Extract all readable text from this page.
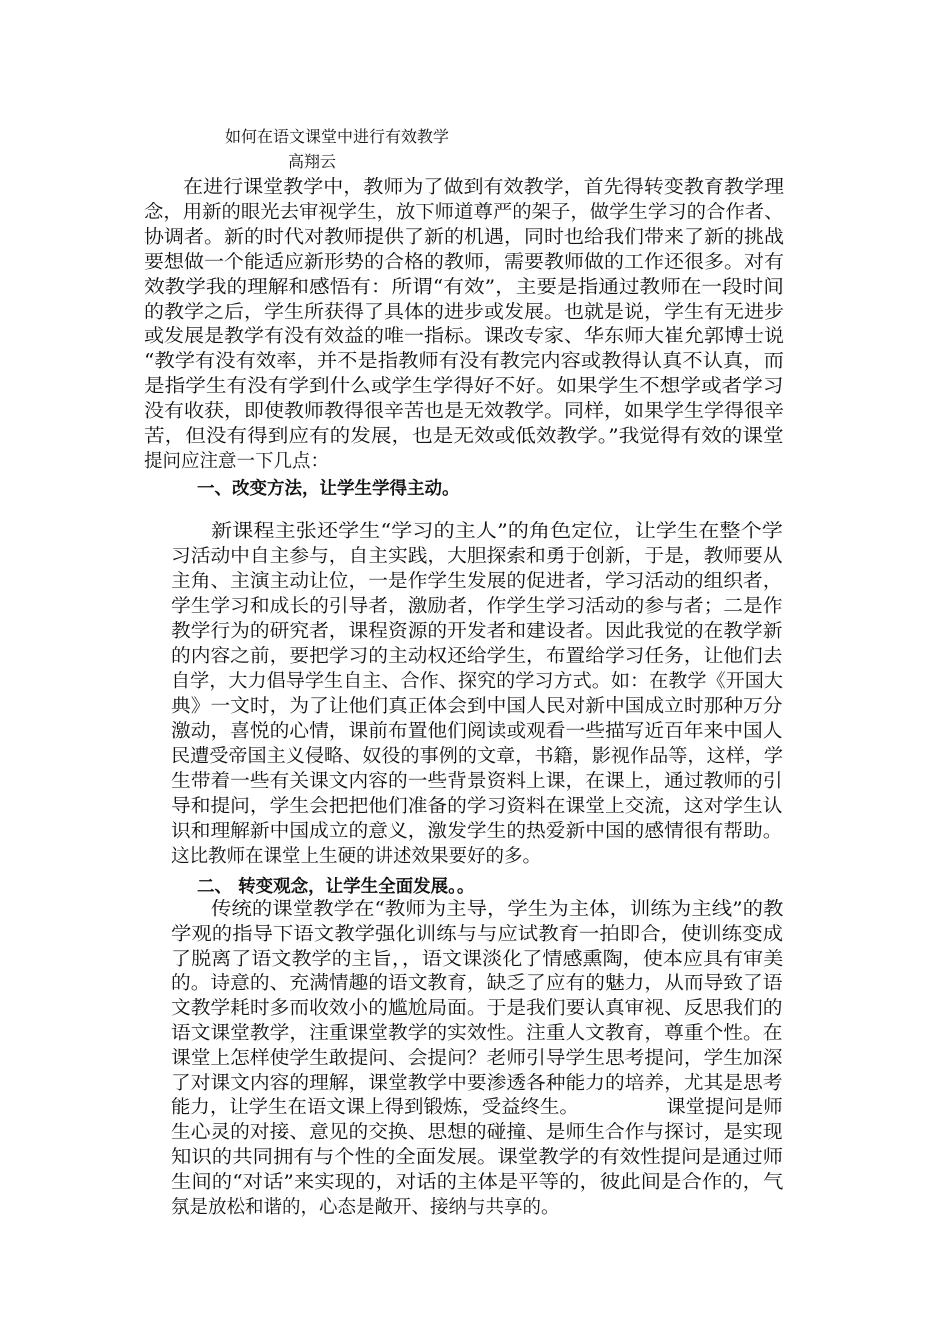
如何在语文课堂中进行有效教学
高翔云
在进行课堂教学中，教师为了做到有效教学，首先得转变教育教学理
念，用新的眼光去审视学生，放下师道尊严的架子，做学生学习的合作者、
协调者。新的时代对教师提供了新的机遇，同时也给我们带来了新的挑战
要想做一个能适应新形势的合格的教师，需要教师做的工作还很多。对有
效教学我的理解和感悟有：所谓“有效”，主要是指通过教师在一段时间
的教学之后，学生所获得了具体的进步或发展。也就是说，学生有无进步
或发展是教学有没有效益的唯一指标。课改专家、华东师大崔允郭博士说
“教学有没有效率，并不是指教师有没有教完内容或教得认真不认真，而
是指学生有没有学到什么或学生学得好不好。如果学生不想学或者学习
没有收获，即使教师教得很辛苦也是无效教学。同样，如果学生学得很辛
苦，但没有得到应有的发展，也是无效或低效教学。”我觉得有效的课堂
提问应注意一下几点：
一、改变方法，让学生学得主动。
新课程主张还学生“学习的主人”的角色定位，让学生在整个学
习活动中自主参与，自主实践，大胆探索和勇于创新，于是，教师要从
主角、主演主动让位，一是作学生发展的促进者，学习活动的组织者，
学生学习和成长的引导者，激励者，作学生学习活动的参与者；二是作
教学行为的研究者，课程资源的开发者和建设者。因此我觉的在教学新
的内容之前，要把学习的主动权还给学生，布置给学习任务，让他们去
自学，大力倡导学生自主、合作、探究的学习方式。如：在教学《开国大
典》一文时，为了让他们真正体会到中国人民对新中国成立时那种万分
激动，喜悦的心情，课前布置他们阅读或观看一些描写近百年来中国人
民遭受帝国主义侵略、奴役的事例的文章，书籍，影视作品等，这样，学
生带着一些有关课文内容的一些背景资料上课，在课上，通过教师的引
导和提问，学生会把把他们准备的学习资料在课堂上交流，这对学生认
识和理解新中国成立的意义，激发学生的热爱新中国的感情很有帮助。
这比教师在课堂上生硬的讲述效果要好的多。
二、 转变观念，让学生全面发展。。
传统的课堂教学在“教师为主导，学生为主体，训练为主线”的教
学观的指导下语文教学强化训练与与应试教育一拍即合，使训练变成
了脱离了语文教学的主旨，，语文课淡化了情感熏陶，使本应具有审美
的。诗意的、充满情趣的语文教育，缺乏了应有的魅力，从而导致了语
文教学耗时多而收效小的尴尬局面。于是我们要认真审视、反思我们的
语文课堂教学，注重课堂教学的实效性。注重人文教育，尊重个性。在
课堂上怎样使学生敢提问、会提问？老师引导学生思考提问，学生加深
了对课文内容的理解，课堂教学中要渗透各种能力的培养，尤其是思考
能力，让学生在语文课上得到锻炼，受益终生。　　　　　课堂提问是师
生心灵的对接、意见的交换、思想的碰撞、是师生合作与探讨，是实现
知识的共同拥有与个性的全面发展。课堂教学的有效性提问是通过师
生间的“对话”来实现的，对话的主体是平等的，彼此间是合作的，气
氛是放松和谐的，心态是敞开、接纳与共享的。
